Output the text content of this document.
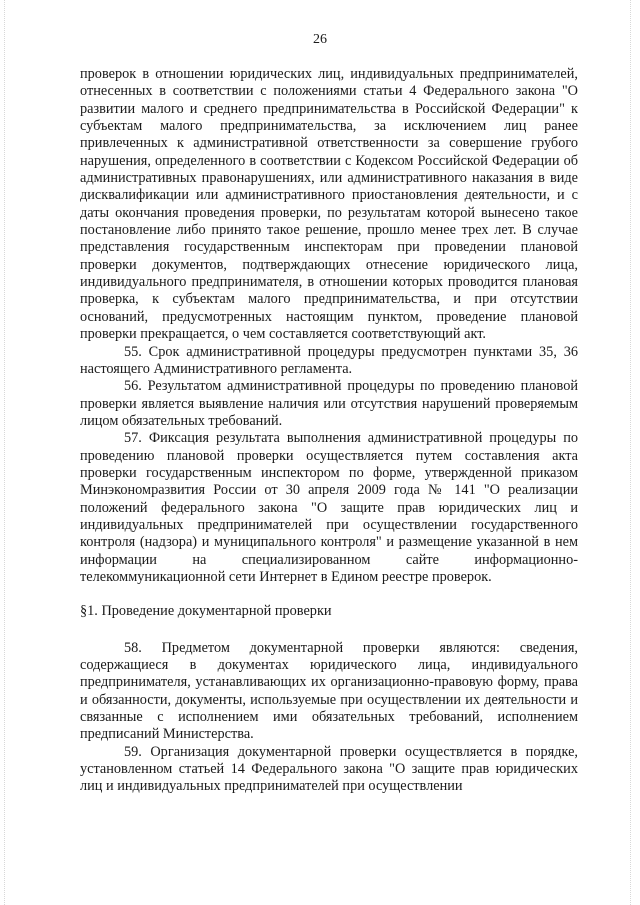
26

проверок в отношении юридических лиц, индивидуальных предпринимателей, отнесенных в соответствии с положениями статьи 4 Федерального закона "О развитии малого и среднего предпринимательства в Российской Федерации" к субъектам малого предпринимательства, за исключением лиц ранее привлеченных к административной ответственности за совершение грубого нарушения, определенного в соответствии с Кодексом Российской Федерации об административных правонарушениях, или административного наказания в виде дисквалификации или административного приостановления деятельности, и с даты окончания проведения проверки, по результатам которой вынесено такое постановление либо принято такое решение, прошло менее трех лет. В случае представления государственным инспекторам при проведении плановой проверки документов, подтверждающих отнесение юридического лица, индивидуального предпринимателя, в отношении которых проводится плановая проверка, к субъектам малого предпринимательства, и при отсутствии оснований, предусмотренных настоящим пунктом, проведение плановой проверки прекращается, о чем составляется соответствующий акт.

55. Срок административной процедуры предусмотрен пунктами 35, 36 настоящего Административного регламента.

56. Результатом административной процедуры по проведению плановой проверки является выявление наличия или отсутствия нарушений проверяемым лицом обязательных требований.

57. Фиксация результата выполнения административной процедуры по проведению плановой проверки осуществляется путем составления акта проверки государственным инспектором по форме, утвержденной приказом Минэкономразвития России от 30 апреля 2009 года № 141 "О реализации положений федерального закона "О защите прав юридических лиц и индивидуальных предпринимателей при осуществлении государственного контроля (надзора) и муниципального контроля" и размещение указанной в нем информации на специализированном сайте информационно-телекоммуникационной сети Интернет в Едином реестре проверок.

§1. Проведение документарной проверки

58. Предметом документарной проверки являются: сведения, содержащиеся в документах юридического лица, индивидуального предпринимателя, устанавливающих их организационно-правовую форму, права и обязанности, документы, используемые при осуществлении их деятельности и связанные с исполнением ими обязательных требований, исполнением предписаний Министерства.

59. Организация документарной проверки осуществляется в порядке, установленном статьей 14 Федерального закона "О защите прав юридических лиц и индивидуальных предпринимателей при осуществлении
